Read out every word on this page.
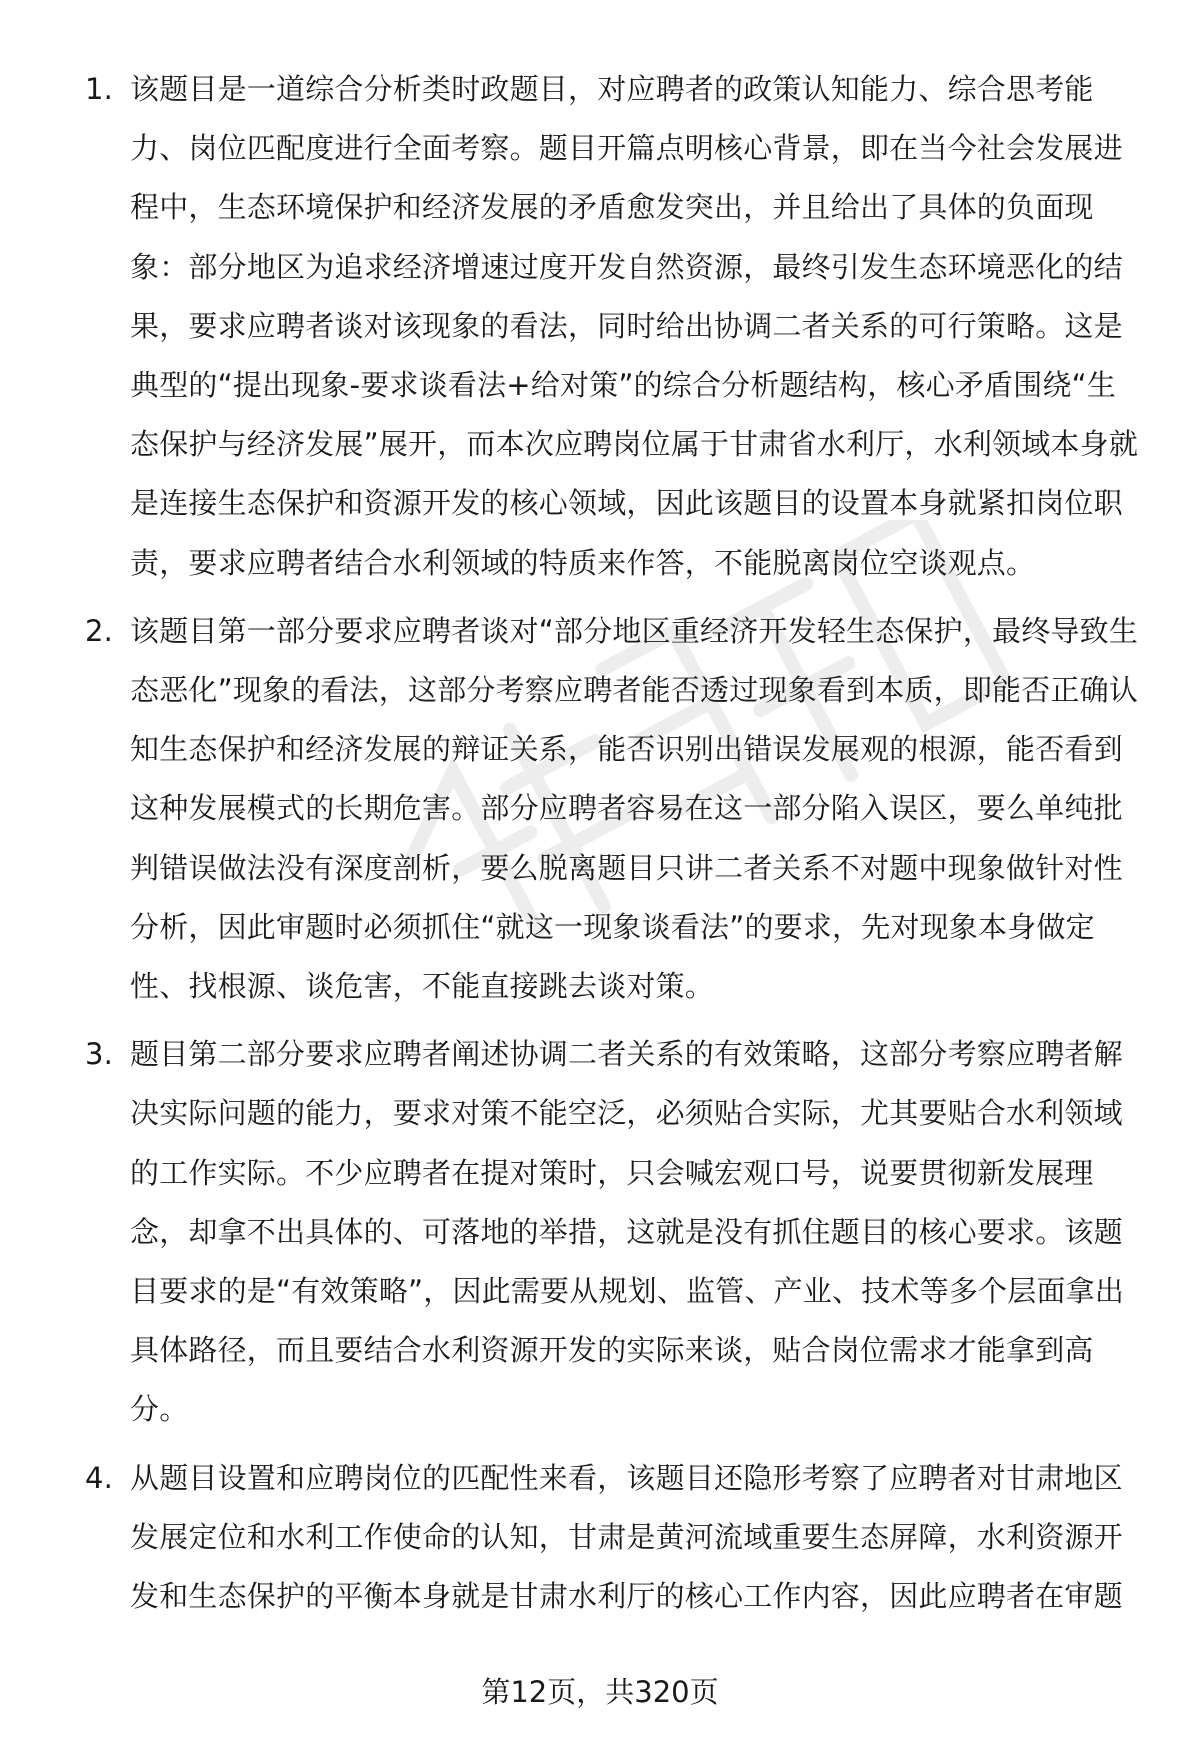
1. 该题目是一道综合分析类时政题目，对应聘者的政策认知能力、综合思考能力、岗位匹配度进行全面考察。题目开篇点明核心背景，即在当今社会发展进程中，生态环境保护和经济发展的矛盾愈发突出，并且给出了具体的负面现象：部分地区为追求经济增速过度开发自然资源，最终引发生态环境恶化的结果，要求应聘者谈对该现象的看法，同时给出协调二者关系的可行策略。这是典型的“提出现象-要求谈看法+给对策”的综合分析题结构，核心矛盾围绕“生态保护与经济发展”展开，而本次应聘岗位属于甘肃省水利厅，水利领域本身就是连接生态保护和资源开发的核心领域，因此该题目的设置本身就紧扣岗位职责，要求应聘者结合水利领域的特质来作答，不能脱离岗位空谈观点。
2. 该题目第一部分要求应聘者谈对“部分地区重经济开发轻生态保护，最终导致生态恶化”现象的看法，这部分考察应聘者能否透过现象看到本质，即能否正确认知生态保护和经济发展的辩证关系，能否识别出错误发展观的根源，能否看到这种发展模式的长期危害。部分应聘者容易在这一部分陷入误区，要么单纯批判错误做法没有深度剖析，要么脱离题目只讲二者关系不对题中现象做针对性分析，因此审题时必须抓住“就这一现象谈看法”的要求，先对现象本身做定性、找根源、谈危害，不能直接跳去谈对策。
3. 题目第二部分要求应聘者阐述协调二者关系的有效策略，这部分考察应聘者解决实际问题的能力，要求对策不能空泛，必须贴合实际，尤其要贴合水利领域的工作实际。不少应聘者在提对策时，只会喊宏观口号，说要贯彻新发展理念，却拿不出具体的、可落地的举措，这就是没有抓住题目的核心要求。该题目要求的是“有效策略”，因此需要从规划、监管、产业、技术等多个层面拿出具体路径，而且要结合水利资源开发的实际来谈，贴合岗位需求才能拿到高分。
4. 从题目设置和应聘岗位的匹配性来看，该题目还隐形考察了应聘者对甘肃地区发展定位和水利工作使命的认知，甘肃是黄河流域重要生态屏障，水利资源开发和生态保护的平衡本身就是甘肃水利厅的核心工作内容，因此应聘者在审题
第12页，共320页
